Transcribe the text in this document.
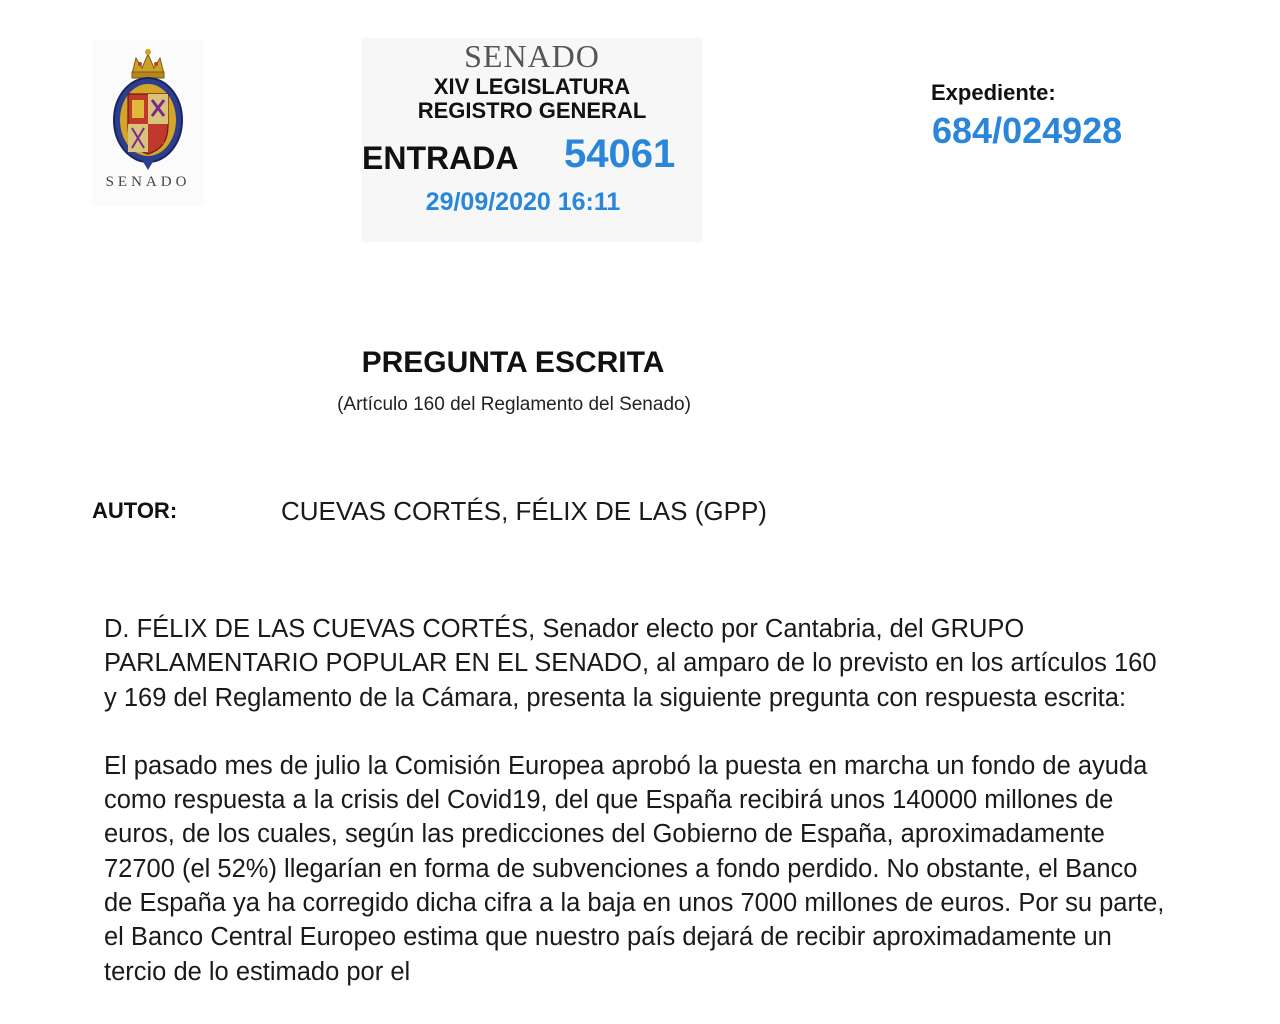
SENADO
SENADO
XIV LEGISLATURA
REGISTRO GENERAL
ENTRADA 54061
29/09/2020 16:11
Expediente:
684/024928
PREGUNTA ESCRITA
(Artículo 160 del Reglamento del Senado)
AUTOR:	CUEVAS CORTÉS, FÉLIX DE LAS (GPP)

D. FÉLIX DE LAS CUEVAS CORTÉS, Senador electo por Cantabria, del GRUPO PARLAMENTARIO POPULAR EN EL SENADO, al amparo de lo previsto en los artículos 160 y 169 del Reglamento de la Cámara, presenta la siguiente pregunta con respuesta escrita:

El pasado mes de julio la Comisión Europea aprobó la puesta en marcha un fondo de ayuda como respuesta a la crisis del Covid19, del que España recibirá unos 140000 millones de euros, de los cuales, según las predicciones del Gobierno de España, aproximadamente 72700 (el 52%) llegarían en forma de subvenciones a fondo perdido. No obstante, el Banco de España ya ha corregido dicha cifra a la baja en unos 7000 millones de euros. Por su parte, el Banco Central Europeo estima que nuestro país dejará de recibir aproximadamente un tercio de lo estimado por el
